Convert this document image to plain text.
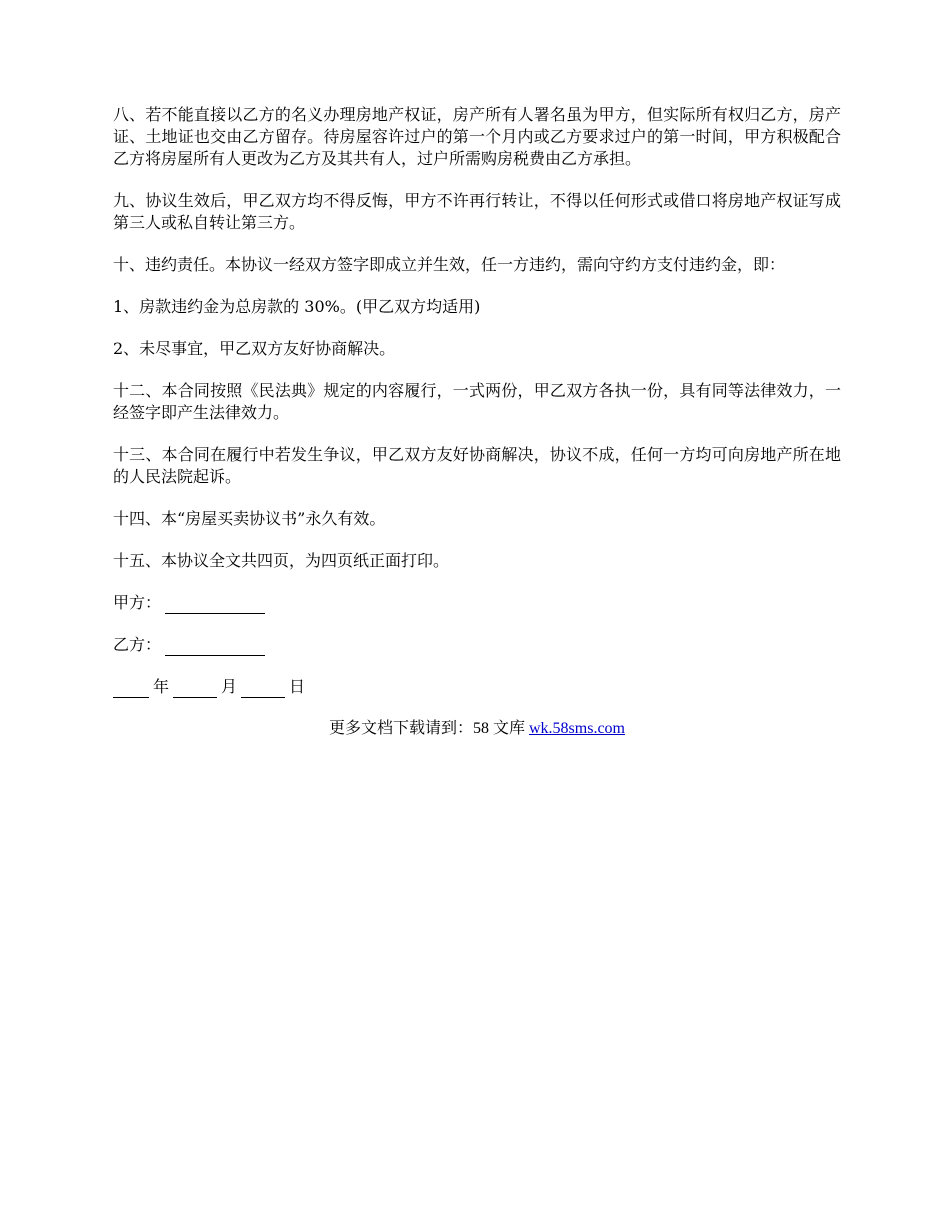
八、若不能直接以乙方的名义办理房地产权证，房产所有人署名虽为甲方，但实际所有权归乙方，房产证、土地证也交由乙方留存。待房屋容许过户的第一个月内或乙方要求过户的第一时间，甲方积极配合乙方将房屋所有人更改为乙方及其共有人，过户所需购房税费由乙方承担。

九、协议生效后，甲乙双方均不得反悔，甲方不许再行转让，不得以任何形式或借口将房地产权证写成第三人或私自转让第三方。

十、违约责任。本协议一经双方签字即成立并生效，任一方违约，需向守约方支付违约金，即：

1、房款违约金为总房款的 30%。(甲乙双方均适用)

2、未尽事宜，甲乙双方友好协商解决。

十二、本合同按照《民法典》规定的内容履行，一式两份，甲乙双方各执一份，具有同等法律效力，一经签字即产生法律效力。

十三、本合同在履行中若发生争议，甲乙双方友好协商解决，协议不成，任何一方均可向房地产所在地的人民法院起诉。

十四、本“房屋买卖协议书”永久有效。

十五、本协议全文共四页，为四页纸正面打印。

甲方：
乙方：
年	月	日
更多文档下载请到：58 文库 wk.58sms.com
